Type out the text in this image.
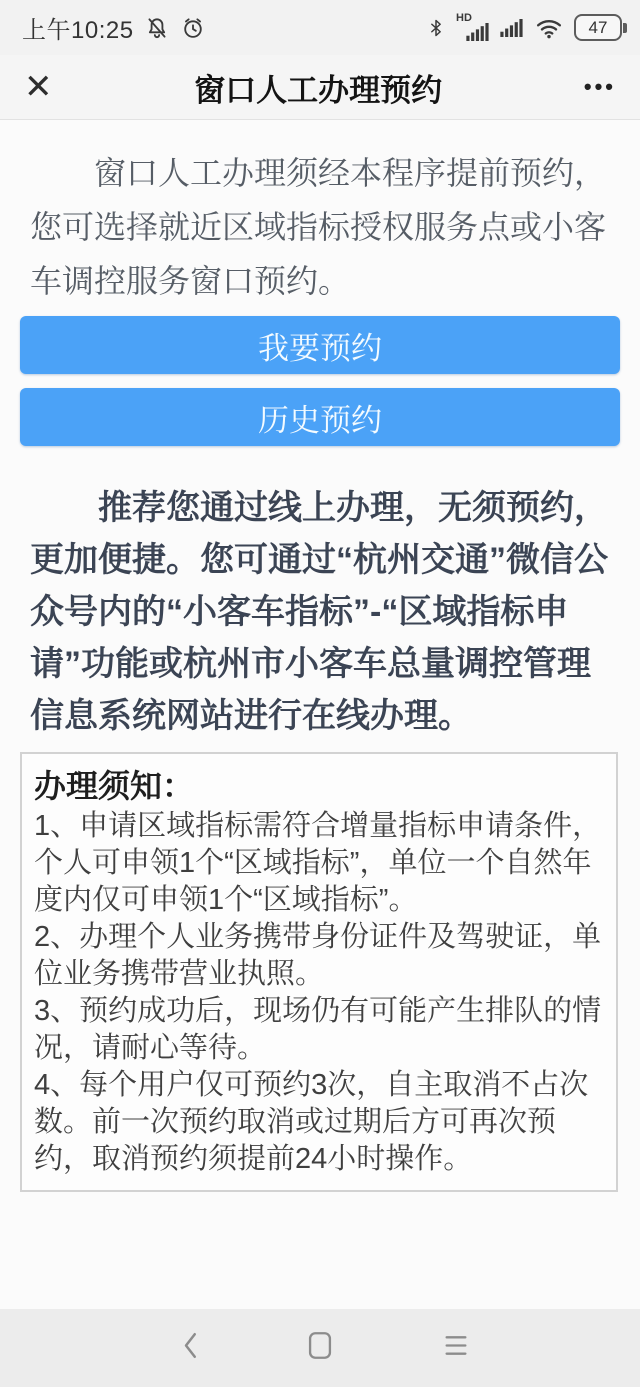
上午10:25	HD	47
✕	窗口人工办理预约	•••

窗口人工办理须经本程序提前预约，您可选择就近区域指标授权服务点或小客车调控服务窗口预约。

我要预约
历史预约

推荐您通过线上办理，无须预约，更加便捷。您可通过“杭州交通”微信公众号内的“小客车指标”-“区域指标申请”功能或杭州市小客车总量调控管理信息系统网站进行在线办理。

办理须知：

1、申请区域指标需符合增量指标申请条件，个人可申领1个“区域指标”，单位一个自然年度内仅可申领1个“区域指标”。

2、办理个人业务携带身份证件及驾驶证，单位业务携带营业执照。

3、预约成功后，现场仍有可能产生排队的情况，请耐心等待。

4、每个用户仅可预约3次，自主取消不占次数。前一次预约取消或过期后方可再次预约，取消预约须提前24小时操作。
